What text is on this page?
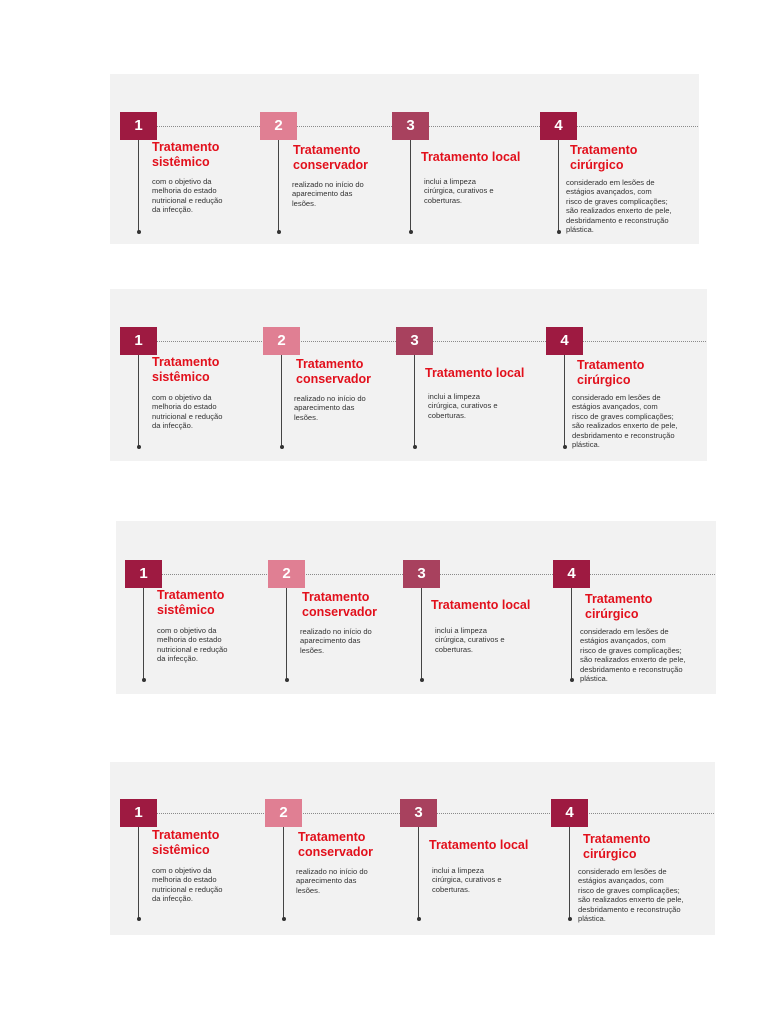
1
Tratamento
sistêmico
com o objetivo da
melhoria do estado
nutricional e redução
da infecção.
2
Tratamento
conservador
realizado no início do
aparecimento das
lesões.
3
Tratamento local
inclui a limpeza
cirúrgica, curativos e
coberturas.
4
Tratamento
cirúrgico
considerado em lesões de
estágios avançados, com
risco de graves complicações;
são realizados enxerto de pele,
desbridamento e reconstrução
plástica.
1
Tratamento
sistêmico
com o objetivo da
melhoria do estado
nutricional e redução
da infecção.
2
Tratamento
conservador
realizado no início do
aparecimento das
lesões.
3
Tratamento local
inclui a limpeza
cirúrgica, curativos e
coberturas.
4
Tratamento
cirúrgico
considerado em lesões de
estágios avançados, com
risco de graves complicações;
são realizados enxerto de pele,
desbridamento e reconstrução
plástica.
1
Tratamento
sistêmico
com o objetivo da
melhoria do estado
nutricional e redução
da infecção.
2
Tratamento
conservador
realizado no início do
aparecimento das
lesões.
3
Tratamento local
inclui a limpeza
cirúrgica, curativos e
coberturas.
4
Tratamento
cirúrgico
considerado em lesões de
estágios avançados, com
risco de graves complicações;
são realizados enxerto de pele,
desbridamento e reconstrução
plástica.
1
Tratamento
sistêmico
com o objetivo da
melhoria do estado
nutricional e redução
da infecção.
2
Tratamento
conservador
realizado no início do
aparecimento das
lesões.
3
Tratamento local
inclui a limpeza
cirúrgica, curativos e
coberturas.
4
Tratamento
cirúrgico
considerado em lesões de
estágios avançados, com
risco de graves complicações;
são realizados enxerto de pele,
desbridamento e reconstrução
plástica.
